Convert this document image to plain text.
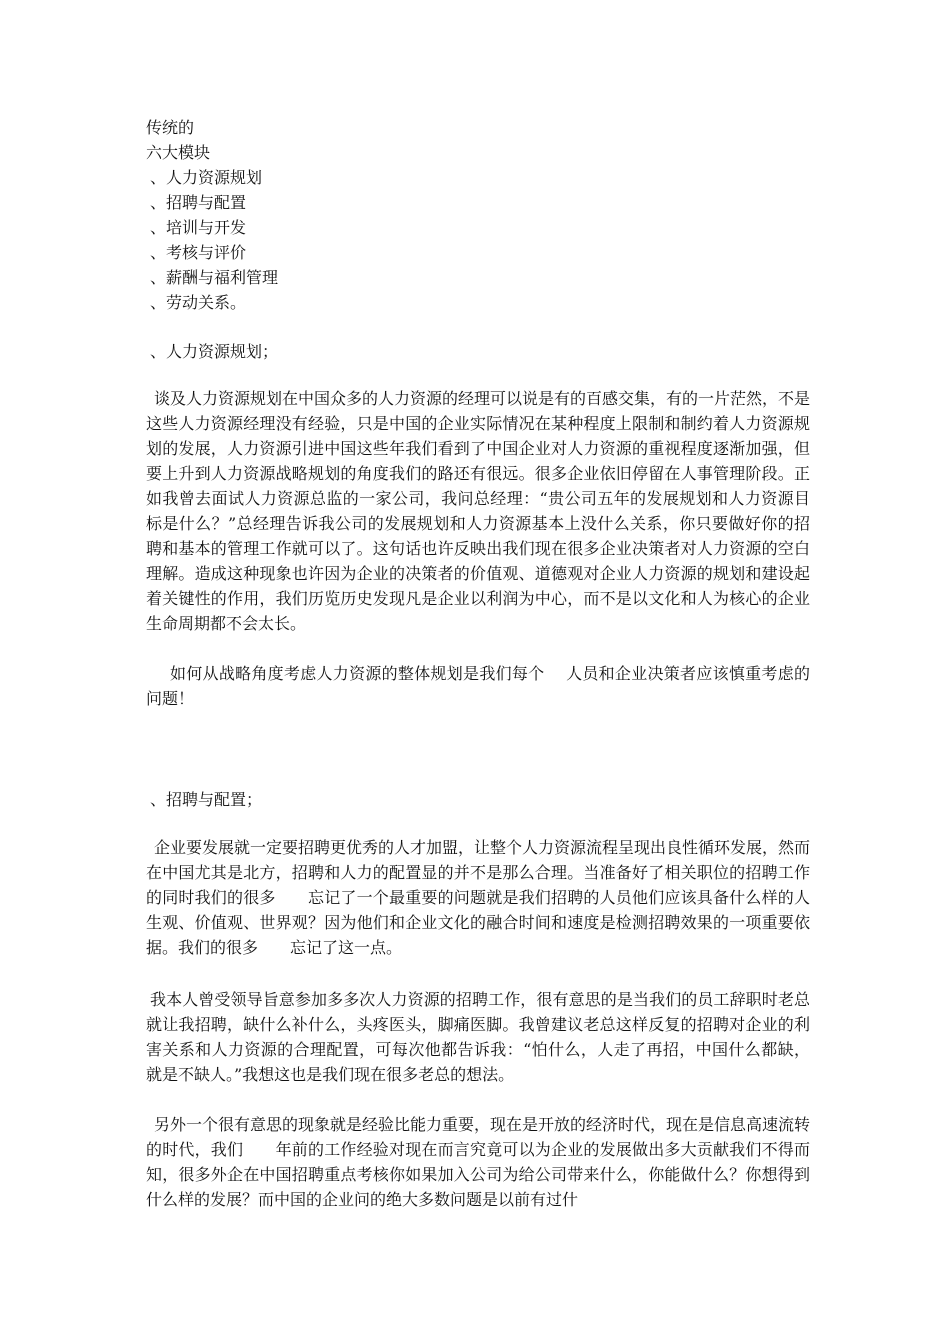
传统的
六大模块
、人力资源规划
、招聘与配置
、培训与开发
、考核与评价
、薪酬与福利管理
、劳动关系。
、人力资源规划；

谈及人力资源规划在中国众多的人力资源的经理可以说是有的百感交集，有的一片茫然，不是这些人力资源经理没有经验，只是中国的企业实际情况在某种程度上限制和制约着人力资源规划的发展，人力资源引进中国这些年我们看到了中国企业对人力资源的重视程度逐渐加强，但要上升到人力资源战略规划的角度我们的路还有很远。很多企业依旧停留在人事管理阶段。正如我曾去面试人力资源总监的一家公司，我问总经理：“贵公司五年的发展规划和人力资源目标是什么？”总经理告诉我公司的发展规划和人力资源基本上没什么关系，你只要做好你的招聘和基本的管理工作就可以了。这句话也许反映出我们现在很多企业决策者对人力资源的空白理解。造成这种现象也许因为企业的决策者的价值观、道德观对企业人力资源的规划和建设起着关键性的作用，我们历览历史发现凡是企业以利润为中心，而不是以文化和人为核心的企业生命周期都不会太长。

如何从战略角度考虑人力资源的整体规划是我们每个　 人员和企业决策者应该慎重考虑的问题！

、招聘与配置；

企业要发展就一定要招聘更优秀的人才加盟，让整个人力资源流程呈现出良性循环发展，然而在中国尤其是北方，招聘和人力的配置显的并不是那么合理。当准备好了相关职位的招聘工作的同时我们的很多　　忘记了一个最重要的问题就是我们招聘的人员他们应该具备什么样的人生观、价值观、世界观？因为他们和企业文化的融合时间和速度是检测招聘效果的一项重要依据。我们的很多　　忘记了这一点。

我本人曾受领导旨意参加多多次人力资源的招聘工作，很有意思的是当我们的员工辞职时老总就让我招聘，缺什么补什么，头疼医头，脚痛医脚。我曾建议老总这样反复的招聘对企业的利害关系和人力资源的合理配置，可每次他都告诉我：“怕什么，人走了再招，中国什么都缺，就是不缺人。”我想这也是我们现在很多老总的想法。

另外一个很有意思的现象就是经验比能力重要，现在是开放的经济时代，现在是信息高速流转的时代，我们　　年前的工作经验对现在而言究竟可以为企业的发展做出多大贡献我们不得而知，很多外企在中国招聘重点考核你如果加入公司为给公司带来什么，你能做什么？你想得到什么样的发展？而中国的企业问的绝大多数问题是以前有过什
